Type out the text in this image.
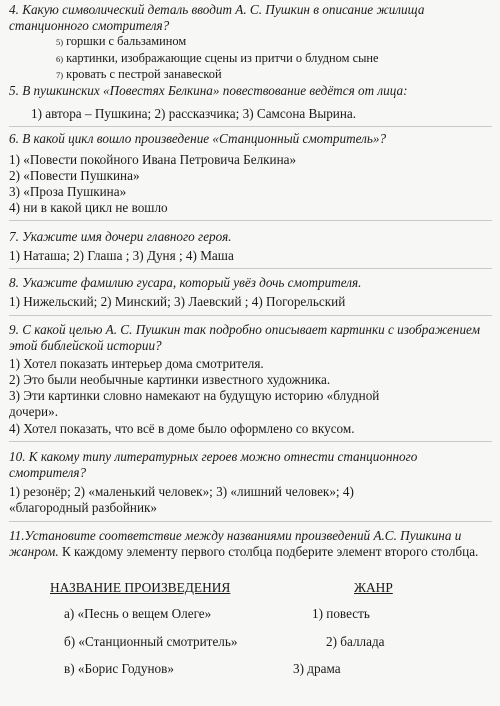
4. Какую символический деталь вводит А. С. Пушкин в описание жилища станционного смотрителя?

5) горшки с бальзамином
6) картинки, изображающие сцены из притчи о блудном сыне
7) кровать с пестрой занавеской

5. В пушкинских «Повестях Белкина» повествование ведётся от лица:

1) автора – Пушкина; 2) рассказчика; 3) Самсона Вырина.

6. В какой цикл вошло произведение «Станционный смотритель»?

1) «Повести покойного Ивана Петровича Белкина»
2) «Повести Пушкина»
3) «Проза Пушкина»
4) ни в какой цикл не вошло

7. Укажите имя дочери главного героя.

1) Наташа; 2) Глаша ; 3) Дуня ; 4) Маша

8. Укажите фамилию гусара, который увёз дочь смотрителя.

1) Нижельский; 2) Минский; 3) Лаевский ; 4) Погорельский

9. С какой целью А. С. Пушкин так подробно описывает картинки с изображением этой библейской истории?

1) Хотел показать интерьер дома смотрителя.
2) Это были необычные картинки известного художника.
3) Эти картинки словно намекают на будущую историю «блудной
дочери».
4) Хотел показать, что всё в доме было оформлено со вкусом.

10. К какому типу литературных героев можно отнести станционного смотрителя?

1) резонёр; 2) «маленький человек»; 3) «лишний человек»; 4)
«благородный разбойник»

11.Установите соответствие между названиями произведений А.С. Пушкина и жанром. К каждому элементу первого столбца подберите элемент второго столбца.

НАЗВАНИЕ ПРОИЗВЕДЕНИЯ	ЖАНР
а) «Песнь о вещем Олеге»	1) повесть
б) «Станционный смотритель»	2) баллада
в) «Борис Годунов»	3) драма
